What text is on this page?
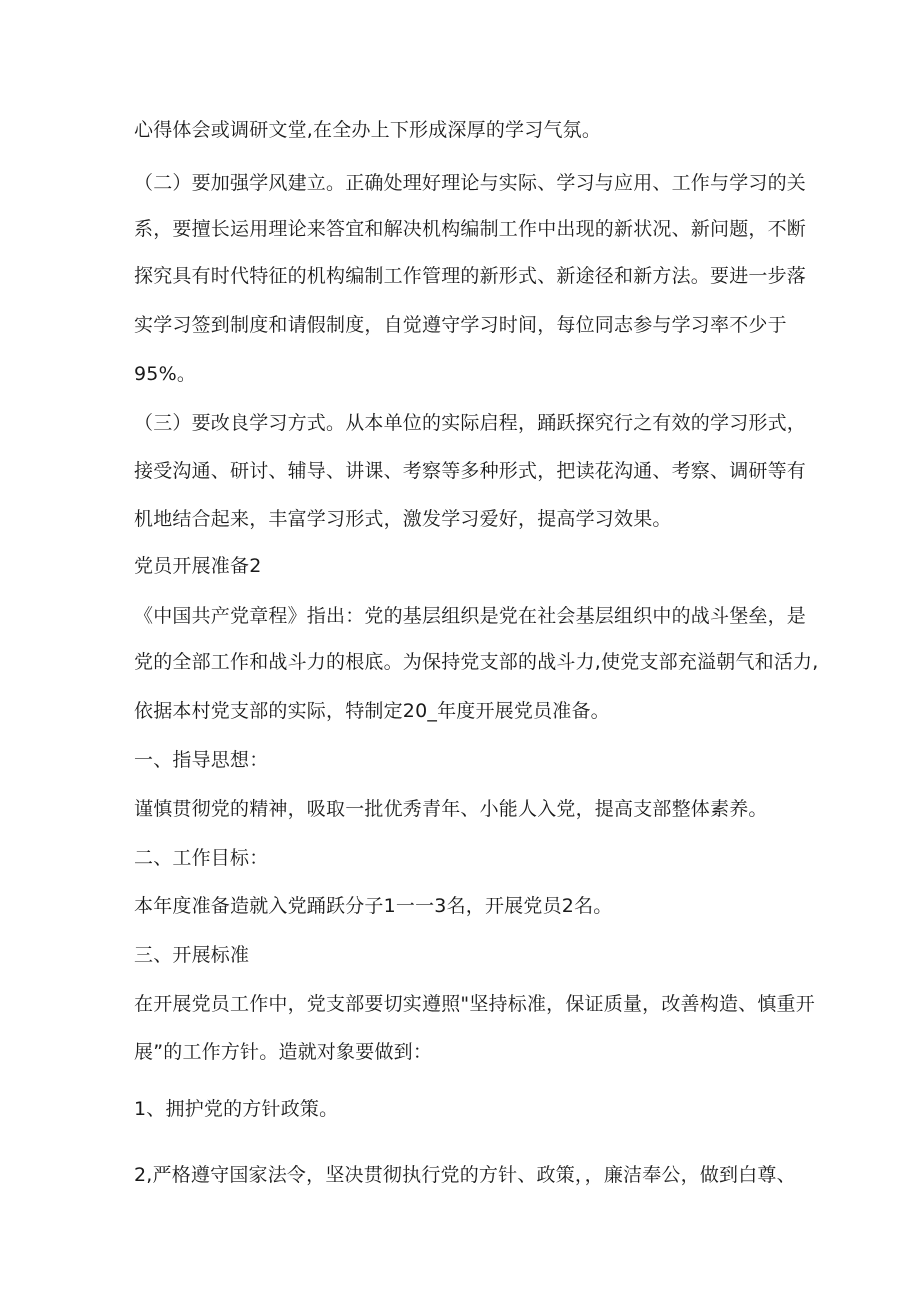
心得体会或调研文堂,在全办上下形成深厚的学习气氛。
（二）要加强学风建立。正确处理好理论与实际、学习与应用、工作与学习的关
系，要擅长运用理论来答宜和解决机构编制工作中出现的新状况、新问题，不断
探究具有时代特征的机构编制工作管理的新形式、新途径和新方法。要进一步落
实学习签到制度和请假制度，自觉遵守学习时间，每位同志参与学习率不少于
95%。
（三）要改良学习方式。从本单位的实际启程，踊跃探究行之有效的学习形式，
接受沟通、研讨、辅导、讲课、考察等多种形式，把读花沟通、考察、调研等有
机地结合起来，丰富学习形式，激发学习爱好，提高学习效果。
党员开展准备2
《中国共产党章程》指出：党的基层组织是党在社会基层组织中的战斗堡垒，是
党的全部工作和战斗力的根底。为保持党支部的战斗力,使党支部充溢朝气和活力,
依据本村党支部的实际，特制定20_年度开展党员准备。
一、指导思想：
谨慎贯彻党的精神，吸取一批优秀青年、小能人入党，提高支部整体素养。
二、工作目标：
本年度准备造就入党踊跃分子1一一3名，开展党员2名。
三、开展标准
在开展党员工作中，党支部要切实遵照"坚持标准，保证质量，改善构造、慎重开
展”的工作方针。造就对象要做到：
1、拥护党的方针政策。
2,严格遵守国家法令，坚决贯彻执行党的方针、政策，，廉洁奉公，做到白尊、
